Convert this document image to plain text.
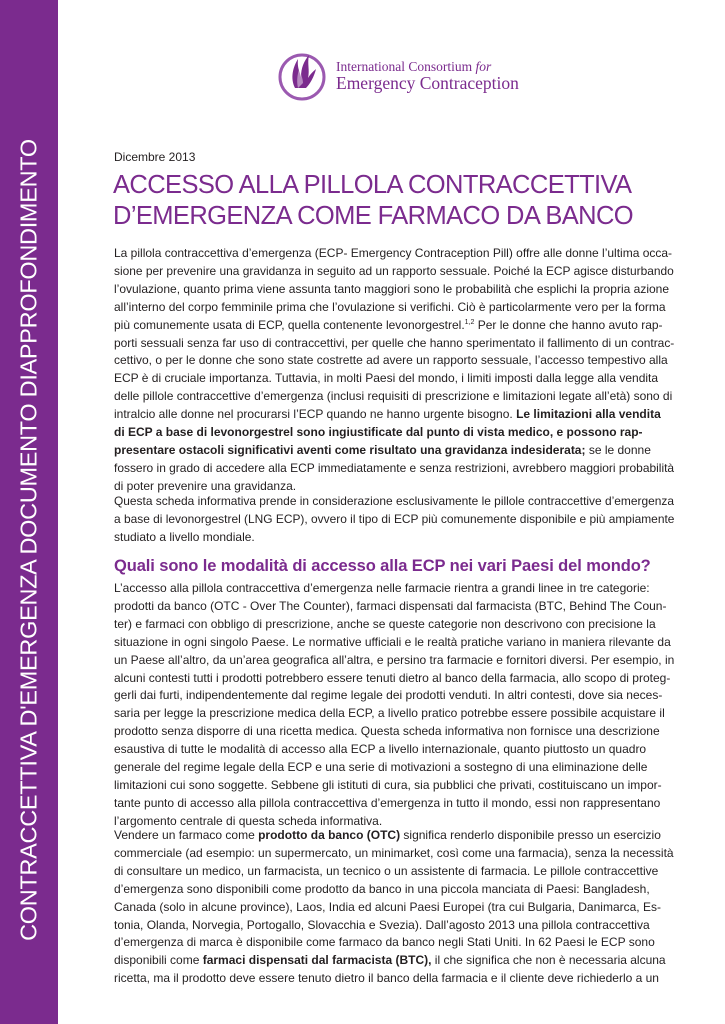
CONTRACCETTIVA D'EMERGENZA DOCUMENTO DIAPPROFONDIMENTO
International Consortium for
Emergency Contraception
Dicembre 2013
ACCESSO ALLA PILLOLA CONTRACCETTIVA
D’EMERGENZA COME FARMACO DA BANCO

La pillola contraccettiva d’emergenza (ECP- Emergency Contraception Pill) offre alle donne l’ultima occa-

sione per prevenire una gravidanza in seguito ad un rapporto sessuale. Poiché la ECP agisce disturbando

l’ovulazione, quanto prima viene assunta tanto maggiori sono le probabilità che esplichi la propria azione

all’interno del corpo femminile prima che l’ovulazione si verifichi. Ciò è particolarmente vero per la forma

più comunemente usata di ECP, quella contenente levonorgestrel.$^{1,2}$ Per le donne che hanno avuto rap-

porti sessuali senza far uso di contraccettivi, per quelle che hanno sperimentato il fallimento di un contrac-

cettivo, o per le donne che sono state costrette ad avere un rapporto sessuale, l’accesso tempestivo alla

ECP è di cruciale importanza. Tuttavia, in molti Paesi del mondo, i limiti imposti dalla legge alla vendita

delle pillole contraccettive d’emergenza (inclusi requisiti di prescrizione e limitazioni legate all’età) sono di

intralcio alle donne nel procurarsi l’ECP quando ne hanno urgente bisogno. Le limitazioni alla vendita

di ECP a base di levonorgestrel sono ingiustificate dal punto di vista medico, e possono rap-

presentare ostacoli significativi aventi come risultato una gravidanza indesiderata; se le donne

fossero in grado di accedere alla ECP immediatamente e senza restrizioni, avrebbero maggiori probabilità

di poter prevenire una gravidanza.

Questa scheda informativa prende in considerazione esclusivamente le pillole contraccettive d’emergenza

a base di levonorgestrel (LNG ECP), ovvero il tipo di ECP più comunemente disponibile e più ampiamente

studiato a livello mondiale.

Quali sono le modalità di accesso alla ECP nei vari Paesi del mondo?

L’accesso alla pillola contraccettiva d’emergenza nelle farmacie rientra a grandi linee in tre categorie:

prodotti da banco (OTC - Over The Counter), farmaci dispensati dal farmacista (BTC, Behind The Coun-

ter) e farmaci con obbligo di prescrizione, anche se queste categorie non descrivono con precisione la

situazione in ogni singolo Paese. Le normative ufficiali e le realtà pratiche variano in maniera rilevante da

un Paese all’altro, da un’area geografica all’altra, e persino tra farmacie e fornitori diversi. Per esempio, in

alcuni contesti tutti i prodotti potrebbero essere tenuti dietro al banco della farmacia, allo scopo di proteg-

gerli dai furti, indipendentemente dal regime legale dei prodotti venduti. In altri contesti, dove sia neces-

saria per legge la prescrizione medica della ECP, a livello pratico potrebbe essere possibile acquistare il

prodotto senza disporre di una ricetta medica. Questa scheda informativa non fornisce una descrizione

esaustiva di tutte le modalità di accesso alla ECP a livello internazionale, quanto piuttosto un quadro

generale del regime legale della ECP e una serie di motivazioni a sostegno di una eliminazione delle

limitazioni cui sono soggette. Sebbene gli istituti di cura, sia pubblici che privati, costituiscano un impor-

tante punto di accesso alla pillola contraccettiva d’emergenza in tutto il mondo, essi non rappresentano

l’argomento centrale di questa scheda informativa.

Vendere un farmaco come prodotto da banco (OTC) significa renderlo disponibile presso un esercizio

commerciale (ad esempio: un supermercato, un minimarket, così come una farmacia), senza la necessità

di consultare un medico, un farmacista, un tecnico o un assistente di farmacia. Le pillole contraccettive

d’emergenza sono disponibili come prodotto da banco in una piccola manciata di Paesi: Bangladesh,

Canada (solo in alcune province), Laos, India ed alcuni Paesi Europei (tra cui Bulgaria, Danimarca, Es-

tonia, Olanda, Norvegia, Portogallo, Slovacchia e Svezia). Dall’agosto 2013 una pillola contraccettiva

d’emergenza di marca è disponibile come farmaco da banco negli Stati Uniti. In 62 Paesi le ECP sono

disponibili come farmaci dispensati dal farmacista (BTC), il che significa che non è necessaria alcuna

ricetta, ma il prodotto deve essere tenuto dietro il banco della farmacia e il cliente deve richiederlo a un
